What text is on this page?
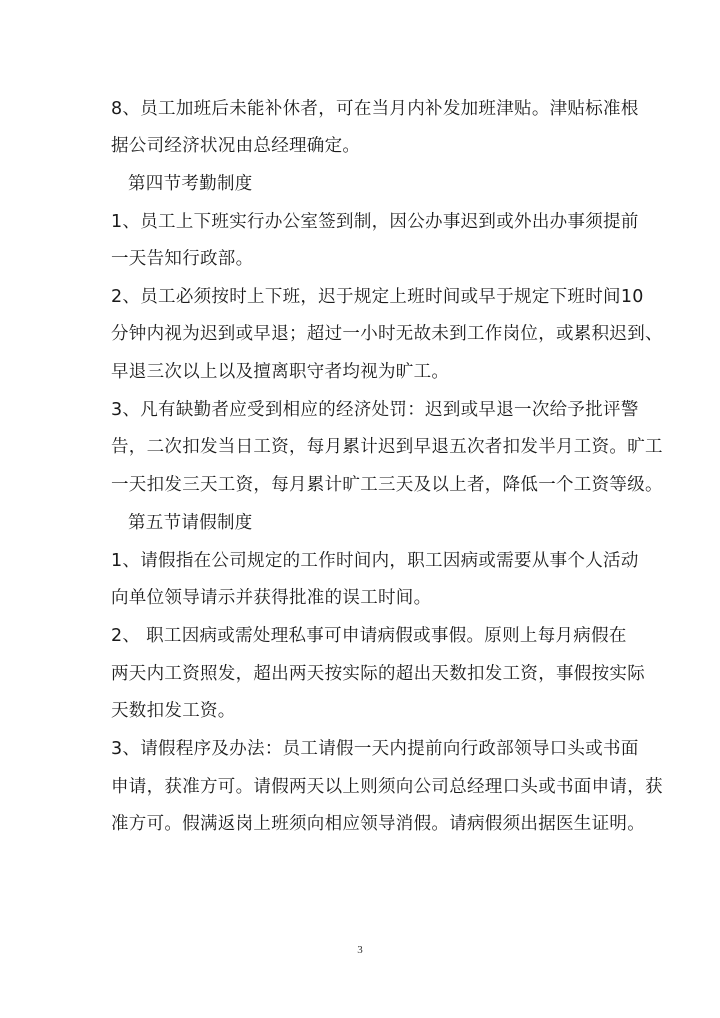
8、员工加班后未能补休者，可在当月内补发加班津贴。津贴标准根
据公司经济状况由总经理确定。
第四节考勤制度
1、员工上下班实行办公室签到制，因公办事迟到或外出办事须提前
一天告知行政部。
2、员工必须按时上下班，迟于规定上班时间或早于规定下班时间10
分钟内视为迟到或早退；超过一小时无故未到工作岗位，或累积迟到、
早退三次以上以及擅离职守者均视为旷工。
3、凡有缺勤者应受到相应的经济处罚：迟到或早退一次给予批评警
告，二次扣发当日工资，每月累计迟到早退五次者扣发半月工资。旷工
一天扣发三天工资，每月累计旷工三天及以上者，降低一个工资等级。
第五节请假制度
1、请假指在公司规定的工作时间内，职工因病或需要从事个人活动
向单位领导请示并获得批准的误工时间。
2、 职工因病或需处理私事可申请病假或事假。原则上每月病假在
两天内工资照发，超出两天按实际的超出天数扣发工资，事假按实际
天数扣发工资。
3、请假程序及办法：员工请假一天内提前向行政部领导口头或书面
申请，获准方可。请假两天以上则须向公司总经理口头或书面申请，获
准方可。假满返岗上班须向相应领导消假。请病假须出据医生证明。
3
